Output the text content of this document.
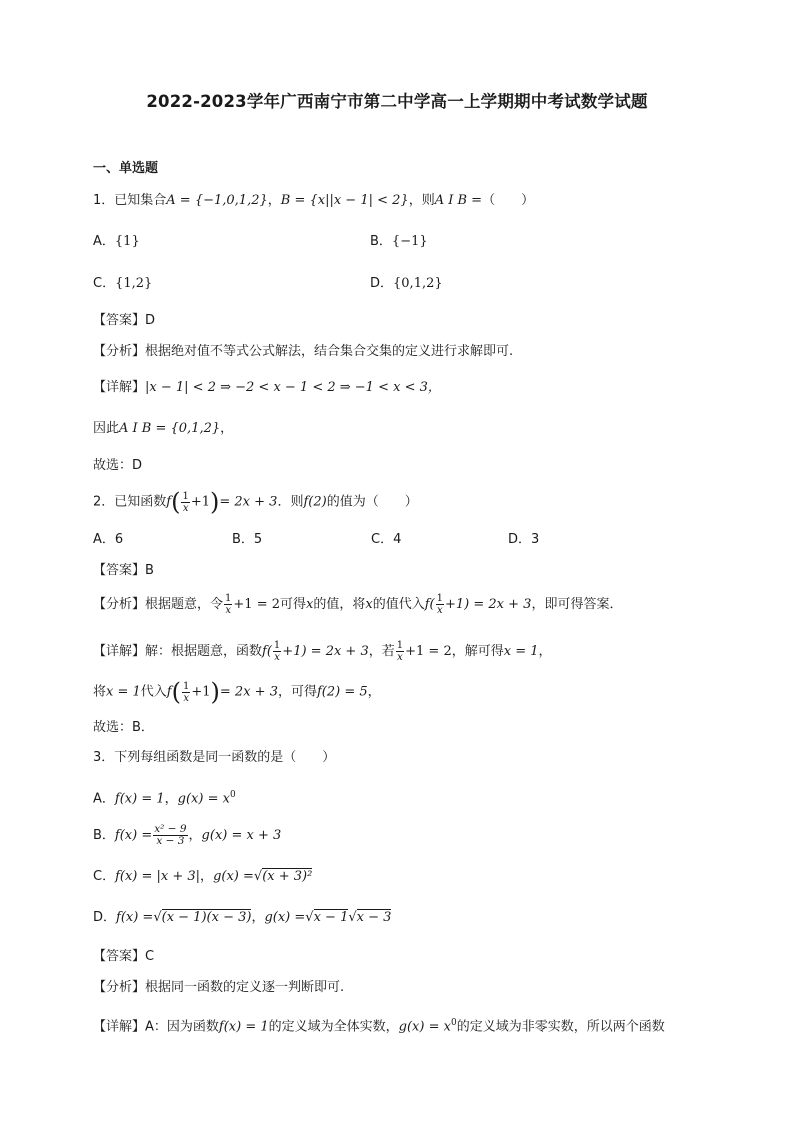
2022-2023学年广西南宁市第二中学高一上学期期中考试数学试题
一、单选题
1．已知集合A = {−1,0,1,2}，B = {x||x − 1| < 2}，则A I B =（　　）
A．{1}	B．{−1}
C．{1,2}	D．{0,1,2}
【答案】D
【分析】根据绝对值不等式公式解法，结合集合交集的定义进行求解即可.
【详解】|x − 1| < 2 ⇒ −2 < x − 1 < 2 ⇒ −1 < x < 3，
因此A I B = {0,1,2}，
故选：D
2．已知函数$f( \frac{1}{x} +1)= 2x + 3$．则f(2)的值为（　　）
A．6	B．5	C．4	D．3
【答案】B
【分析】根据题意，令 $\frac{1}{x} +1 = 2$可得x的值，将x的值代入$f( \frac{1}{x} +1) = 2x + 3$，即可得答案．
【详解】解：根据题意，函数$f( \frac{1}{x} +1) = 2x + 3$，若 $\frac{1}{x} +1 = 2$，解可得x = 1，
将x = 1代入$f( \frac{1}{x} +1)= 2x + 3$，可得f(2) = 5，
故选：B．
3．下列每组函数是同一函数的是（　　）
A．f(x) = 1，$g(x) = x^0$
B．$f(x) = \frac{\text{x² − 9}}{x - 3}$ ，g(x) = x + 3
C．f(x) = |x + 3|，g(x) =√(x + 3)²
D．f(x) =√(x − 1)(x − 3)，g(x) =√x − 1√x − 3
【答案】C
【分析】根据同一函数的定义逐一判断即可.
【详解】A：因为函数f(x) = 1的定义域为全体实数，$g(x) = x^0$的定义域为非零实数，所以两个函数
